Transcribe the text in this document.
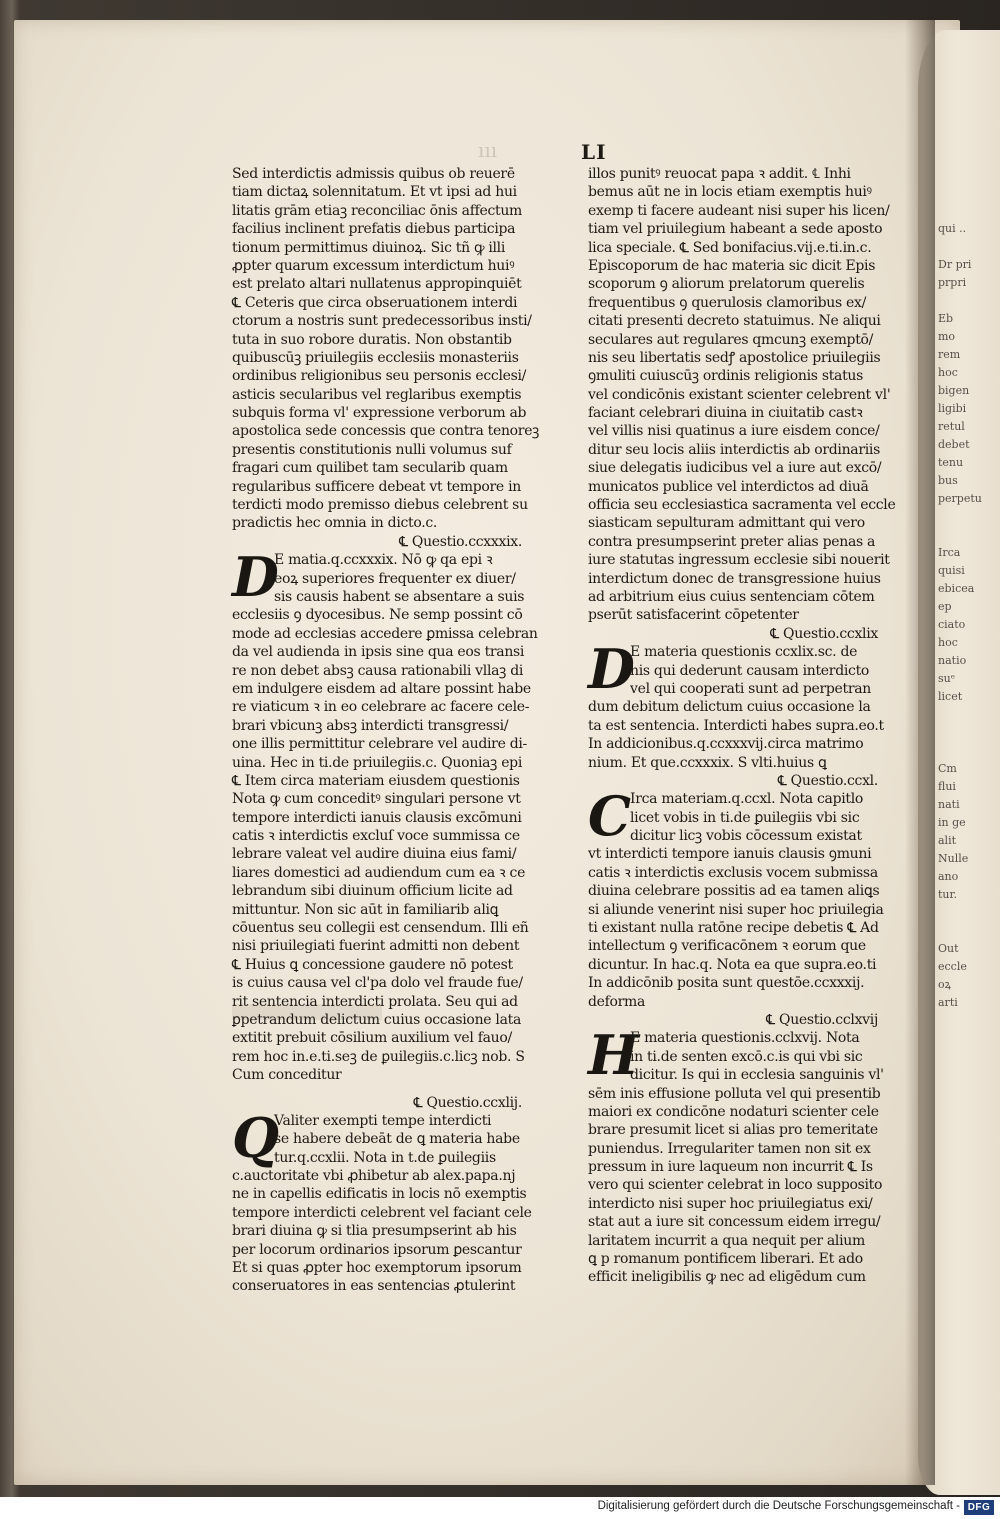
ııı	LI
Sed interdictis admissis quibus ob reuerē
tiam dictaꝝ solennitatum. Et vt ipsi ad hui
litatis grām etiaꝫ reconciliac ōnis affectum
facilius inclinent prefatis diebus participa
tionum permittimus diuinoꝝ. Sic tñ ꝙ illi
ꝓpter quarum excessum interdictum huiꝰ
est prelato altari nullatenus appropinquiēt
℄ Ceteris que circa obseruationem interdi
ctorum a nostris sunt predecessoribus insti/
tuta in suo robore duratis. Non obstantib
quibuscūꝫ priuilegiis ecclesiis monasteriis
ordinibus religionibus seu personis ecclesi/
asticis secularibus vel reglaribus exemptis
subquis forma vl' expressione verborum ab
apostolica sede concessis que contra tenoreꝫ
presentis constitutionis nulli volumus suf
fragari cum quilibet tam secularib quam
regularibus sufficere debeat vt tempore in
terdicti modo premisso diebus celebrent su
pradictis hec omnia in dicto.c.
℄ Questio.ccxxxix.
D
E matia.q.ccxxxix. Nō ꝙ qa epi ꝛ
eoꝝ superiores frequenter ex diuer/
sis causis habent se absentare a suis
ecclesiis ꝯ dyocesibus. Ne semp possint cō
mode ad ecclesias accedere ꝑmissa celebran
da vel audienda in ipsis sine qua eos transi
re non debet absꝫ causa rationabili vllaꝫ di
em indulgere eisdem ad altare possint habe
re viaticum ꝛ in eo celebrare ac facere cele-
brari vbicunꝫ absꝫ interdicti transgressi/
one illis permittitur celebrare vel audire di-
uina. Hec in ti.de priuilegiis.c. Quoniaꝫ epi
℄ Item circa materiam eiusdem questionis
Nota ꝙ cum conceditꝰ singulari persone vt
tempore interdicti ianuis clausis excōmuni
catis ꝛ interdictis excluſ voce summissa ce
lebrare valeat vel audire diuina eius fami/
liares domestici ad audiendum cum ea ꝛ ce
lebrandum sibi diuinum officium licite ad
mittuntur. Non sic aūt in familiarib aliꝗ
cōuentus seu collegii est censendum. Illi eñ
nisi priuilegiati fuerint admitti non debent
℄ Huius ꝗ concessione gaudere nō potest
is cuius causa vel cl'pa dolo vel fraude fue/
rit sentencia interdicti prolata. Seu qui ad
ꝑpetrandum delictum cuius occasione lata
extitit prebuit cōsilium auxilium vel fauo/
rem hoc in.e.ti.seꝫ de ꝑuilegiis.c.licꝫ nob. S
Cum conceditur
℄ Questio.ccxlij.
Q
Valiter exempti tempe interdicti
se habere debeāt de ꝗ materia habe
tur.q.ccxlii. Nota in t.de ꝑuilegiis
c.auctoritate vbi ꝓhibetur ab alex.papa.nj
ne in capellis edificatis in locis nō exemptis
tempore interdicti celebrent vel faciant cele
brari diuina ꝙ si tlia presumpserint ab his
per locorum ordinarios ipsorum ꝑescantur
Et si quas ꝓpter hoc exemptorum ipsorum
conseruatores in eas sentencias ꝓtulerint
illos punitꝰ reuocat papa ꝛ addit. ℄ Inhi
bemus aūt ne in locis etiam exemptis huiꝰ
exemp ti facere audeant nisi super his licen/
tiam vel priuilegium habeant a sede aposto
lica speciale. ℄ Sed bonifacius.vij.e.ti.in.c.
Episcoporum de hac materia sic dicit Epis
scoporum ꝯ aliorum prelatorum querelis
frequentibus ꝯ querulosis clamoribus ex/
citati presenti decreto statuimus. Ne aliqui
seculares aut regulares qmcunꝫ exemptō/
nis seu libertatis sedꝭ apostolice priuilegiis
ꝯmuliti cuiuscūꝫ ordinis religionis status
vel condicōnis existant scienter celebrent vl'
faciant celebrari diuina in ciuitatib castꝛ
vel villis nisi quatinus a iure eisdem conce/
ditur seu locis aliis interdictis ab ordinariis
siue delegatis iudicibus vel a iure aut excō/
municatos publice vel interdictos ad diuā
officia seu ecclesiastica sacramenta vel eccle
siasticam sepulturam admittant qui vero
contra presumpserint preter alias penas a
iure statutas ingressum ecclesie sibi nouerit
interdictum donec de transgressione huius
ad arbitrium eius cuius sentenciam cōtem
pserūt satisfacerint cōpetenter
℄ Questio.ccxlix
D
E materia questionis ccxlix.sc. de
his qui dederunt causam interdicto
vel qui cooperati sunt ad perpetran
dum debitum delictum cuius occasione la
ta est sentencia. Interdicti habes supra.eo.t
In addicionibus.q.ccxxxvij.circa matrimo
nium. Et que.ccxxxix. S vlti.huius ꝗ
℄ Questio.ccxl.
C Irca materiam.q.ccxl. Nota capitlo
licet vobis in ti.de ꝑuilegiis vbi sic
dicitur licꝫ vobis cōcessum existat
vt interdicti tempore ianuis clausis ꝯmuni
catis ꝛ interdictis exclusis vocem submissa
diuina celebrare possitis ad ea tamen aliꝗs
si aliunde venerint nisi super hoc priuilegia
ti existant nulla ratōne recipe debetis ℄ Ad
intellectum ꝯ verificacōnem ꝛ eorum que
dicuntur. In hac.q. Nota ea que supra.eo.ti
In addicōnib posita sunt questōe.ccxxxij.
deforma
℄ Questio.cclxvij
H
E materia questionis.cclxvij. Nota
in ti.de senten excō.c.is qui vbi sic
dicitur. Is qui in ecclesia sanguinis vl'
sēm inis effusione polluta vel qui presentib
maiori ex condicōne nodaturi scienter cele
brare presumit licet si alias pro temeritate
puniendus. Irregulariter tamen non sit ex
pressum in iure laqueum non incurrit ℄ Is
vero qui scienter celebrat in loco supposito
interdicto nisi super hoc priuilegiatus exi/
stat aut a iure sit concessum eidem irregu/
laritatem incurrit a qua nequit per alium
ꝗ p romanum pontificem liberari. Et ado
efficit ineligibilis ꝙ nec ad eligēdum cum
qui ..
Dr pri
prpri
Eb
mo
rem
hoc
bigen
ligibi
retul
debet
tenu
bus
perpetu
Irca
quisi
ebicea
ep
ciato
hoc
natio
suᵉ
licet
Cm
flui
nati
in ge
alit
Nulle
ano
tur.
Out
eccle
oꝝ
arti
Digitalisierung gefördert durch die Deutsche Forschungsgemeinschaft - DFG
